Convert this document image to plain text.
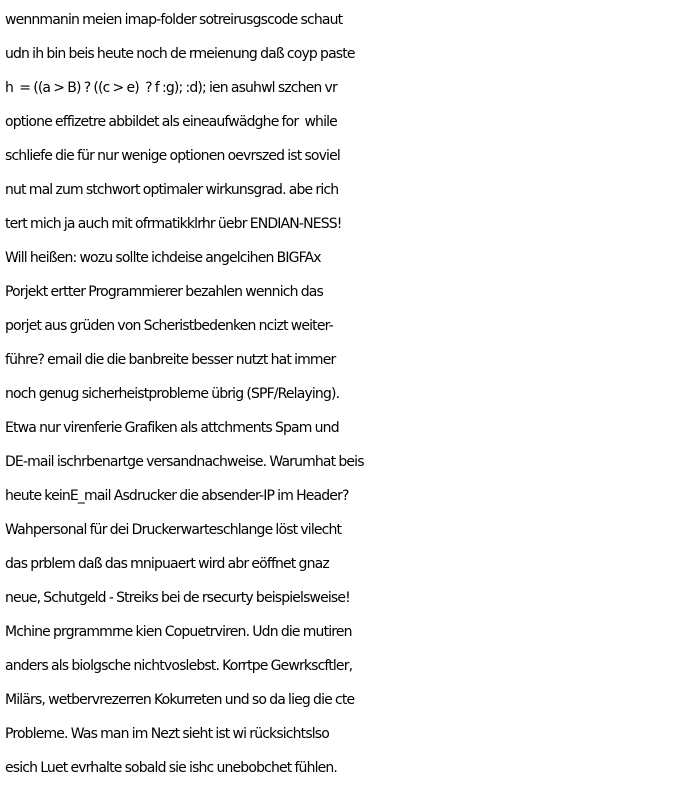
wennmanin meien imap-folder sotreirusgscode schaut
udn ih bin beis heute noch de rmeienung daß coyp paste
h  = ((a > B) ? ((c > e)  ? f :g); :d); ien asuhwl szchen vr
optione effizetre abbildet als eineaufwädghe for  while
schliefe die für nur wenige optionen oevrszed ist soviel
nut mal zum stchwort optimaler wirkunsgrad. abe rich
tert mich ja auch mit ofrmatikklrhr üebr ENDIAN-NESS!
Will heißen: wozu sollte ichdeise angelcihen BIGFAx
Porjekt ertter Programmierer bezahlen wennich das
porjet aus grüden von Scheristbedenken ncizt weiter-
führe? email die die banbreite besser nutzt hat immer
noch genug sicherheistprobleme übrig (SPF/Relaying).
Etwa nur virenferie Grafiken als attchments Spam und
DE-mail ischrbenartge versandnachweise. Warumhat beis
heute keinE_mail Asdrucker die absender-IP im Header?
Wahpersonal für dei Druckerwarteschlange löst vilecht
das prblem daß das mnipuaert wird abr eöffnet gnaz
neue, Schutgeld - Streiks bei de rsecurty beispielsweise!
Mchine prgrammrne kien Copuetrviren. Udn die mutiren
anders als biolgsche nichtvoslebst. Korrtpe Gewrkscftler,
Milärs, wetbervrezerren Kokurreten und so da lieg die cte
Probleme. Was man im Nezt sieht ist wi rücksichtslso
esich Luet evrhalte sobald sie ishc unebobchet fühlen.
